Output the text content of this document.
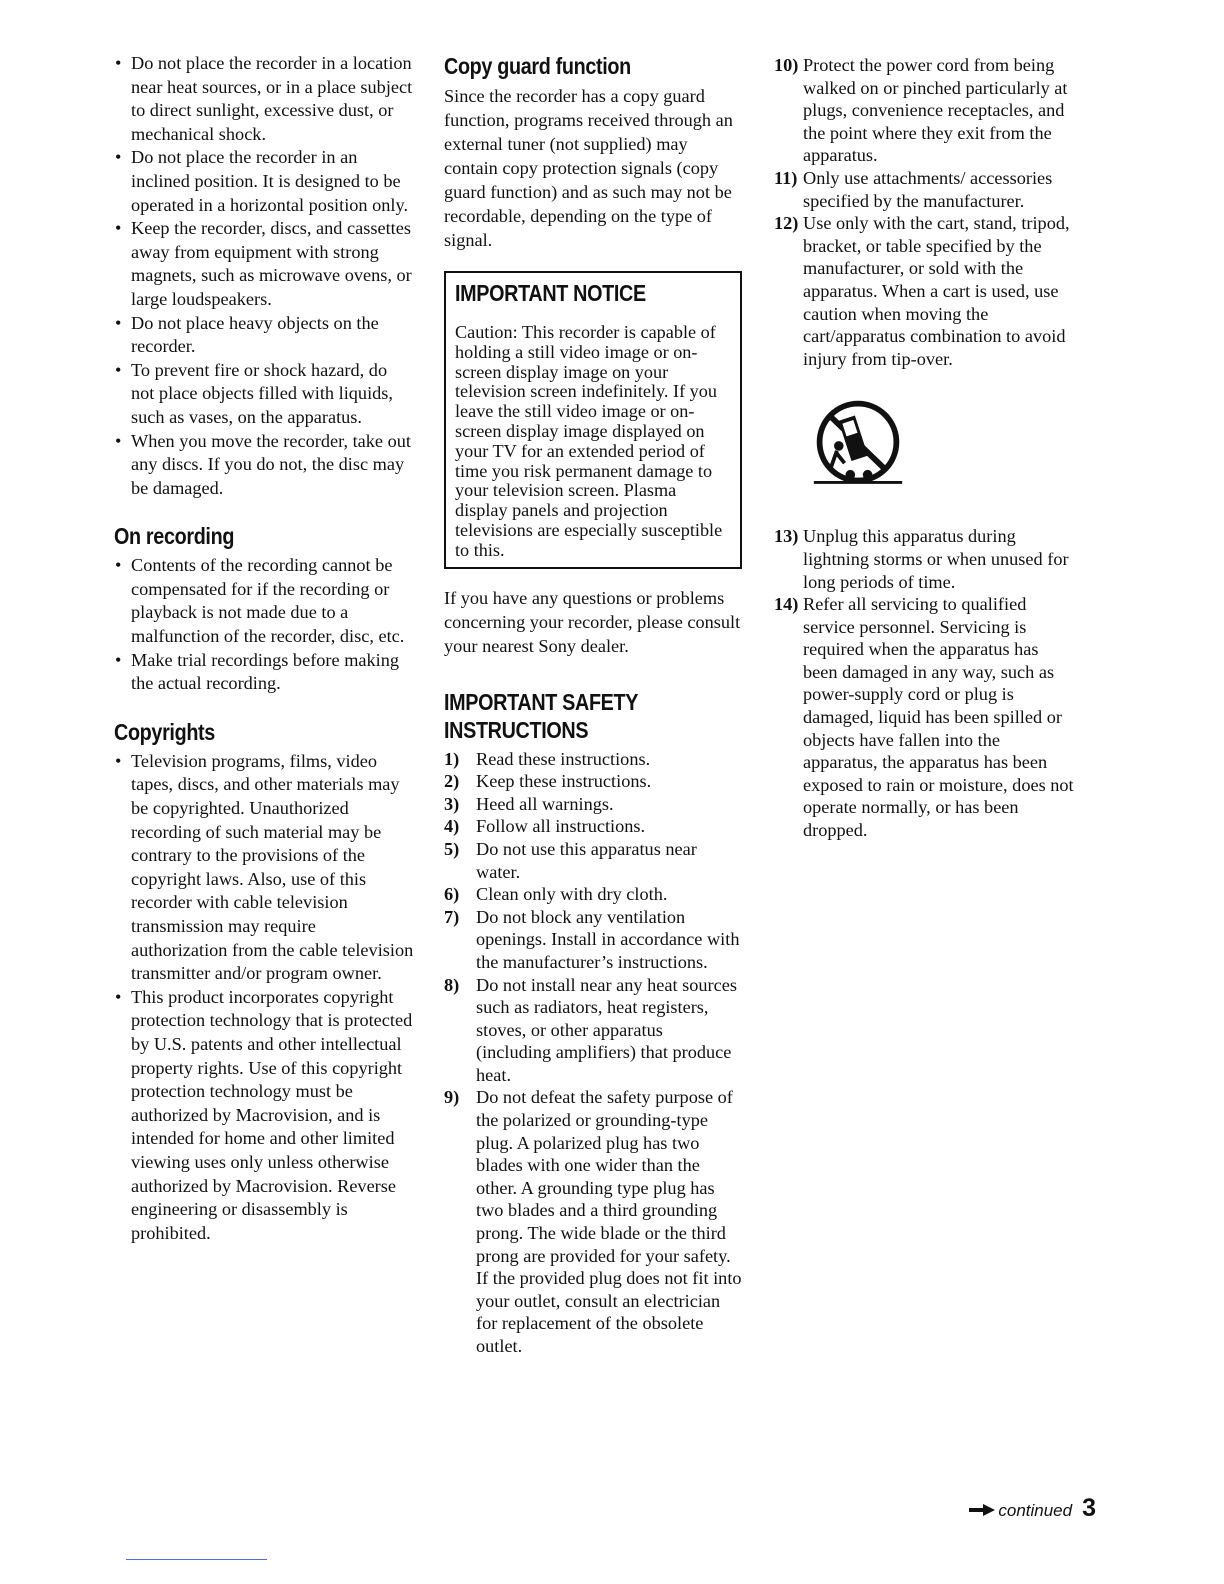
• Do not place the recorder in a location near heat sources, or in a place subject to direct sunlight, excessive dust, or mechanical shock.
• Do not place the recorder in an inclined position. It is designed to be operated in a horizontal position only.
• Keep the recorder, discs, and cassettes away from equipment with strong magnets, such as microwave ovens, or large loudspeakers.
• Do not place heavy objects on the recorder.
• To prevent fire or shock hazard, do not place objects filled with liquids, such as vases, on the apparatus.
• When you move the recorder, take out any discs. If you do not, the disc may be damaged.
On recording
• Contents of the recording cannot be compensated for if the recording or playback is not made due to a malfunction of the recorder, disc, etc.
• Make trial recordings before making the actual recording.
Copyrights
• Television programs, films, video tapes, discs, and other materials may be copyrighted. Unauthorized recording of such material may be contrary to the provisions of the copyright laws. Also, use of this recorder with cable television transmission may require authorization from the cable television transmitter and/or program owner.
• This product incorporates copyright protection technology that is protected by U.S. patents and other intellectual property rights. Use of this copyright protection technology must be authorized by Macrovision, and is intended for home and other limited viewing uses only unless otherwise authorized by Macrovision. Reverse engineering or disassembly is prohibited.
Copy guard function

Since the recorder has a copy guard function, programs received through an external tuner (not supplied) may contain copy protection signals (copy guard function) and as such may not be recordable, depending on the type of signal.

IMPORTANT NOTICE

Caution: This recorder is capable of holding a still video image or on-screen display image on your television screen indefinitely. If you leave the still video image or on-screen display image displayed on your TV for an extended period of time you risk permanent damage to your television screen. Plasma display panels and projection televisions are especially susceptible to this.

If you have any questions or problems concerning your recorder, please consult your nearest Sony dealer.

IMPORTANT SAFETY
INSTRUCTIONS
1) Read these instructions.
2) Keep these instructions.
3) Heed all warnings.
4) Follow all instructions.
5) Do not use this apparatus near water.
6) Clean only with dry cloth.
7) Do not block any ventilation openings. Install in accordance with the manufacturer’s instructions.
8) Do not install near any heat sources such as radiators, heat registers, stoves, or other apparatus (including amplifiers) that produce heat.
9) Do not defeat the safety purpose of the polarized or grounding-type plug. A polarized plug has two blades with one wider than the other. A grounding type plug has two blades and a third grounding prong. The wide blade or the third prong are provided for your safety. If the provided plug does not fit into your outlet, consult an electrician for replacement of the obsolete outlet.
10) Protect the power cord from being walked on or pinched particularly at plugs, convenience receptacles, and the point where they exit from the apparatus.
11) Only use attachments/ accessories specified by the manufacturer.
12) Use only with the cart, stand, tripod, bracket, or table specified by the manufacturer, or sold with the apparatus. When a cart is used, use caution when moving the cart/apparatus combination to avoid injury from tip-over.
13) Unplug this apparatus during lightning storms or when unused for long periods of time.
14) Refer all servicing to qualified service personnel. Servicing is required when the apparatus has been damaged in any way, such as power-supply cord or plug is damaged, liquid has been spilled or objects have fallen into the apparatus, the apparatus has been exposed to rain or moisture, does not operate normally, or has been dropped.
continued 3
